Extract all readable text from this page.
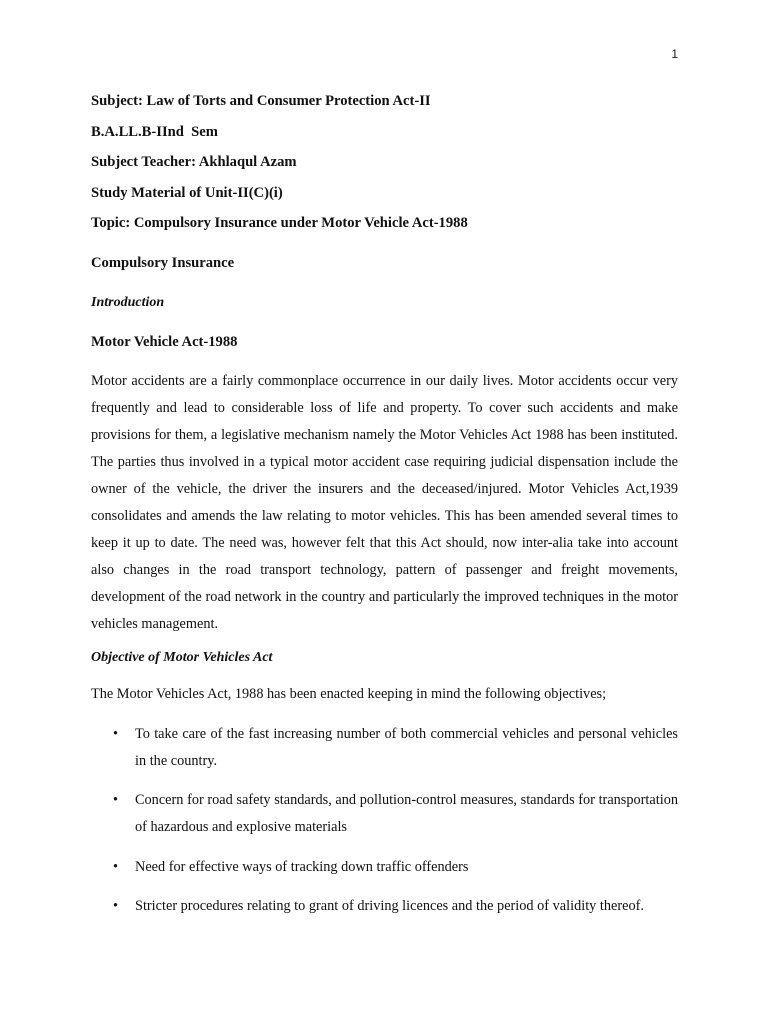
1

Subject: Law of Torts and Consumer Protection Act-II

B.A.LL.B-IInd  Sem

Subject Teacher: Akhlaqul Azam

Study Material of Unit-II(C)(i)

Topic: Compulsory Insurance under Motor Vehicle Act-1988

Compulsory Insurance

Introduction

Motor Vehicle Act-1988

Motor accidents are a fairly commonplace occurrence in our daily lives. Motor accidents occur very frequently and lead to considerable loss of life and property. To cover such accidents and make provisions for them, a legislative mechanism namely the Motor Vehicles Act 1988 has been instituted. The parties thus involved in a typical motor accident case requiring judicial dispensation include the owner of the vehicle, the driver the insurers and the deceased/injured. Motor Vehicles Act,1939 consolidates and amends the law relating to motor vehicles. This has been amended several times to keep it up to date. The need was, however felt that this Act should, now inter-alia take into account also changes in the road transport technology, pattern of passenger and freight movements, development of the road network in the country and particularly the improved techniques in the motor vehicles management.

Objective of Motor Vehicles Act

The Motor Vehicles Act, 1988 has been enacted keeping in mind the following objectives;

• To take care of the fast increasing number of both commercial vehicles and personal vehicles in the country.
• Concern for road safety standards, and pollution-control measures, standards for transportation of hazardous and explosive materials
• Need for effective ways of tracking down traffic offenders
• Stricter procedures relating to grant of driving licences and the period of validity thereof.
